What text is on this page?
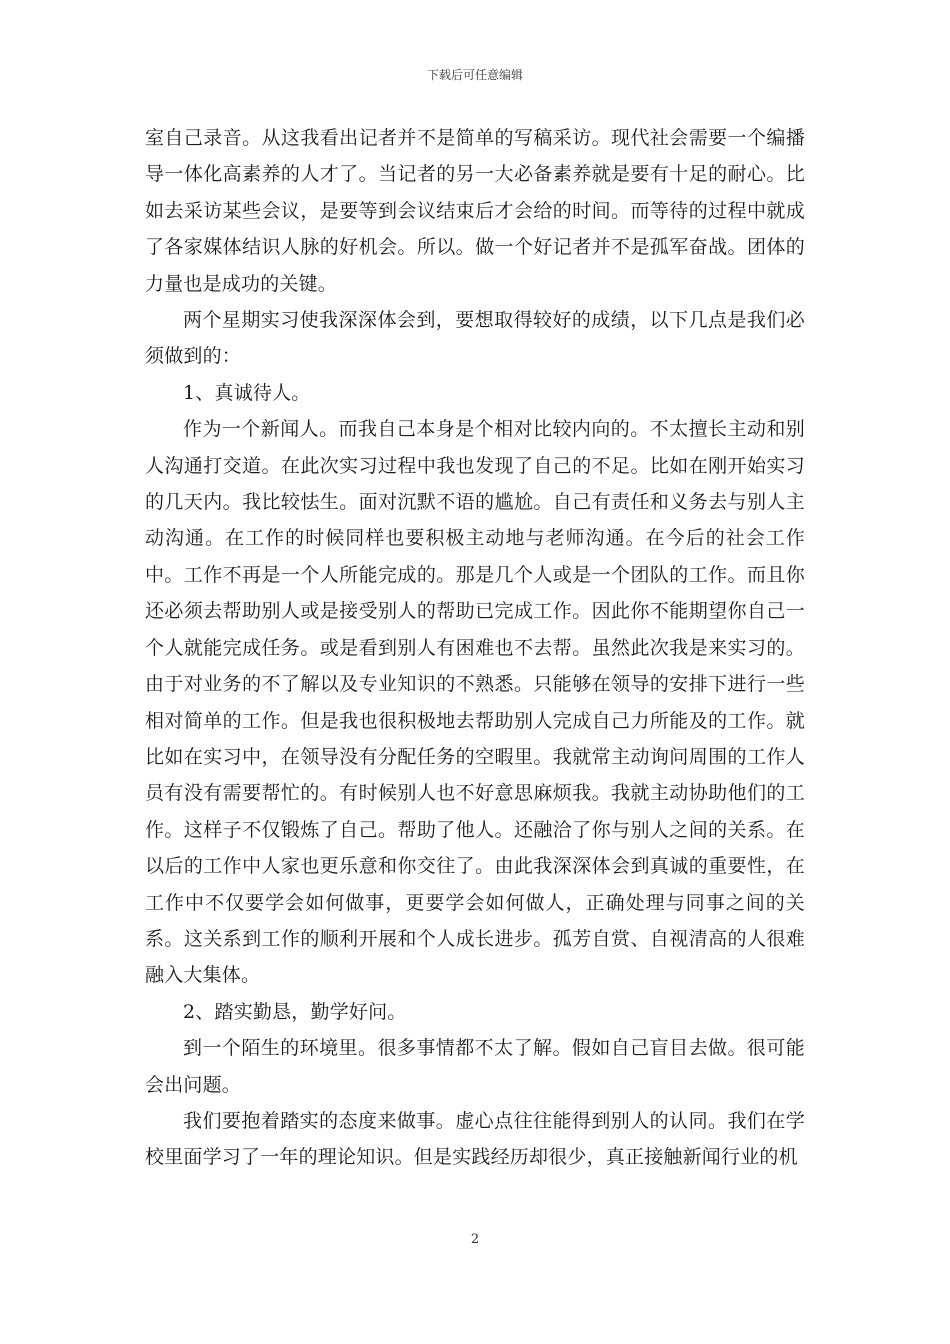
下载后可任意编辑

室自己录音。从这我看出记者并不是简单的写稿采访。现代社会需要一个编播导一体化高素养的人才了。当记者的另一大必备素养就是要有十足的耐心。比如去采访某些会议，是要等到会议结束后才会给的时间。而等待的过程中就成了各家媒体结识人脉的好机会。所以。做一个好记者并不是孤军奋战。团体的力量也是成功的关键。

两个星期实习使我深深体会到，要想取得较好的成绩，以下几点是我们必须做到的：

1、真诚待人。

作为一个新闻人。而我自己本身是个相对比较内向的。不太擅长主动和别人沟通打交道。在此次实习过程中我也发现了自己的不足。比如在刚开始实习的几天内。我比较怯生。面对沉默不语的尴尬。自己有责任和义务去与别人主动沟通。在工作的时候同样也要积极主动地与老师沟通。在今后的社会工作中。工作不再是一个人所能完成的。那是几个人或是一个团队的工作。而且你还必须去帮助别人或是接受别人的帮助已完成工作。因此你不能期望你自己一个人就能完成任务。或是看到别人有困难也不去帮。虽然此次我是来实习的。由于对业务的不了解以及专业知识的不熟悉。只能够在领导的安排下进行一些相对简单的工作。但是我也很积极地去帮助别人完成自己力所能及的工作。就比如在实习中，在领导没有分配任务的空暇里。我就常主动询问周围的工作人员有没有需要帮忙的。有时候别人也不好意思麻烦我。我就主动协助他们的工作。这样子不仅锻炼了自己。帮助了他人。还融洽了你与别人之间的关系。在以后的工作中人家也更乐意和你交往了。由此我深深体会到真诚的重要性，在工作中不仅要学会如何做事，更要学会如何做人，正确处理与同事之间的关系。这关系到工作的顺利开展和个人成长进步。孤芳自赏、自视清高的人很难融入大集体。

2、踏实勤恳，勤学好问。

到一个陌生的环境里。很多事情都不太了解。假如自己盲目去做。很可能会出问题。

我们要抱着踏实的态度来做事。虚心点往往能得到别人的认同。我们在学校里面学习了一年的理论知识。但是实践经历却很少，真正接触新闻行业的机

2
